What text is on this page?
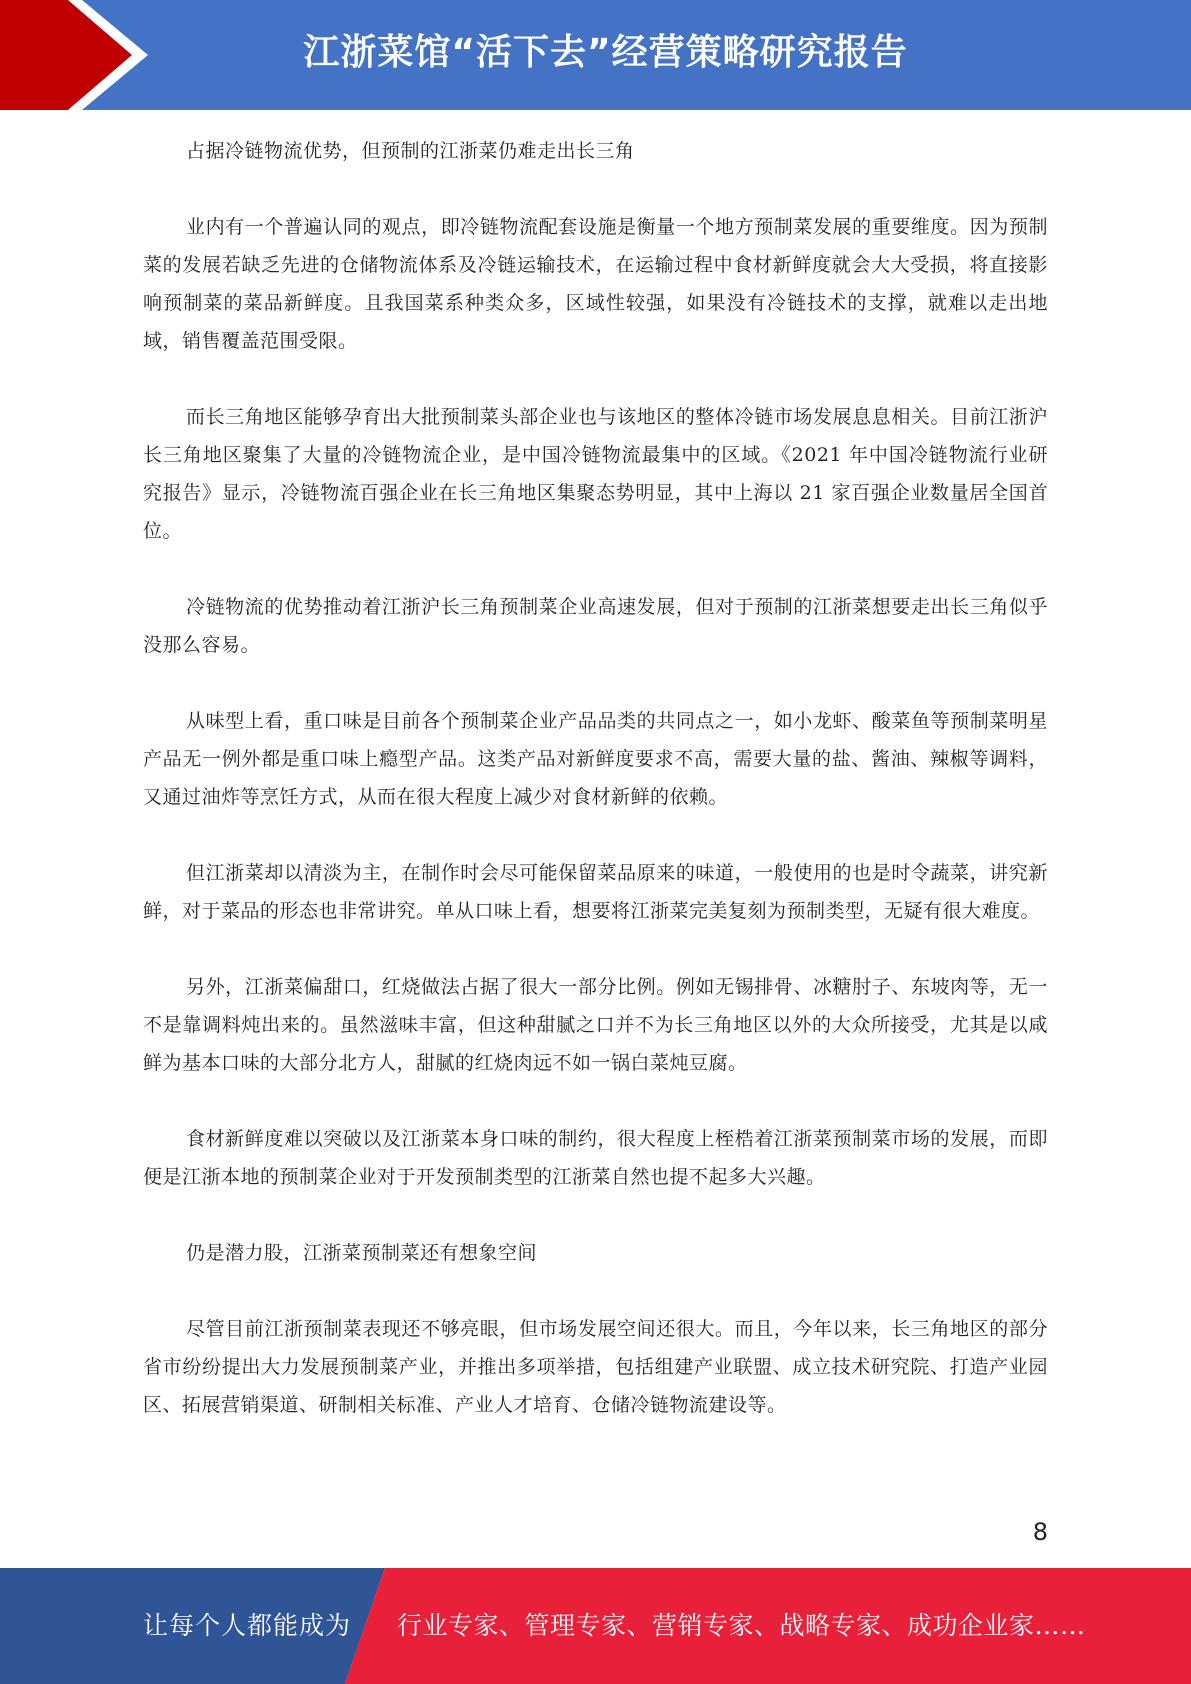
江浙菜馆“活下去”经营策略研究报告

占据冷链物流优势，但预制的江浙菜仍难走出长三角

业内有一个普遍认同的观点，即冷链物流配套设施是衡量一个地方预制菜发展的重要维度。因为预制菜的发展若缺乏先进的仓储物流体系及冷链运输技术，在运输过程中食材新鲜度就会大大受损，将直接影响预制菜的菜品新鲜度。且我国菜系种类众多，区域性较强，如果没有冷链技术的支撑，就难以走出地域，销售覆盖范围受限。

而长三角地区能够孕育出大批预制菜头部企业也与该地区的整体冷链市场发展息息相关。目前江浙沪长三角地区聚集了大量的冷链物流企业，是中国冷链物流最集中的区域。《2021 年中国冷链物流行业研究报告》显示，冷链物流百强企业在长三角地区集聚态势明显，其中上海以 21 家百强企业数量居全国首位。

冷链物流的优势推动着江浙沪长三角预制菜企业高速发展，但对于预制的江浙菜想要走出长三角似乎没那么容易。

从味型上看，重口味是目前各个预制菜企业产品品类的共同点之一，如小龙虾、酸菜鱼等预制菜明星产品无一例外都是重口味上瘾型产品。这类产品对新鲜度要求不高，需要大量的盐、酱油、辣椒等调料，又通过油炸等烹饪方式，从而在很大程度上减少对食材新鲜的依赖。

但江浙菜却以清淡为主，在制作时会尽可能保留菜品原来的味道，一般使用的也是时令蔬菜，讲究新鲜，对于菜品的形态也非常讲究。单从口味上看，想要将江浙菜完美复刻为预制类型，无疑有很大难度。

另外，江浙菜偏甜口，红烧做法占据了很大一部分比例。例如无锡排骨、冰糖肘子、东坡肉等，无一不是靠调料炖出来的。虽然滋味丰富，但这种甜腻之口并不为长三角地区以外的大众所接受，尤其是以咸鲜为基本口味的大部分北方人，甜腻的红烧肉远不如一锅白菜炖豆腐。

食材新鲜度难以突破以及江浙菜本身口味的制约，很大程度上桎梏着江浙菜预制菜市场的发展，而即便是江浙本地的预制菜企业对于开发预制类型的江浙菜自然也提不起多大兴趣。

仍是潜力股，江浙菜预制菜还有想象空间

尽管目前江浙预制菜表现还不够亮眼，但市场发展空间还很大。而且，今年以来，长三角地区的部分省市纷纷提出大力发展预制菜产业，并推出多项举措，包括组建产业联盟、成立技术研究院、打造产业园区、拓展营销渠道、研制相关标准、产业人才培育、仓储冷链物流建设等。

8
让每个人都能成为 行业专家、管理专家、营销专家、战略专家、成功企业家……
